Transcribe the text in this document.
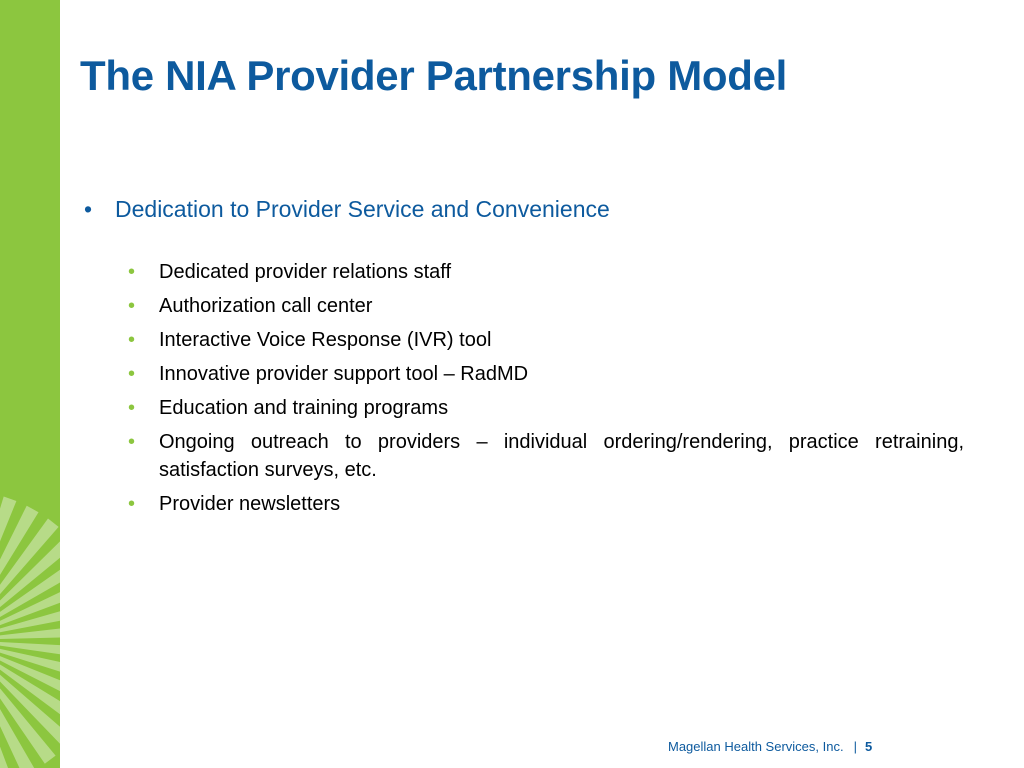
The NIA Provider Partnership Model
• Dedication to Provider Service and Convenience
• Dedicated provider relations staff
• Authorization call center
• Interactive Voice Response (IVR) tool
• Innovative provider support tool – RadMD
• Education and training programs
• Ongoing outreach to providers – individual ordering/rendering, practice retraining, satisfaction surveys, etc.
• Provider newsletters
Magellan Health Services, Inc. | 5
